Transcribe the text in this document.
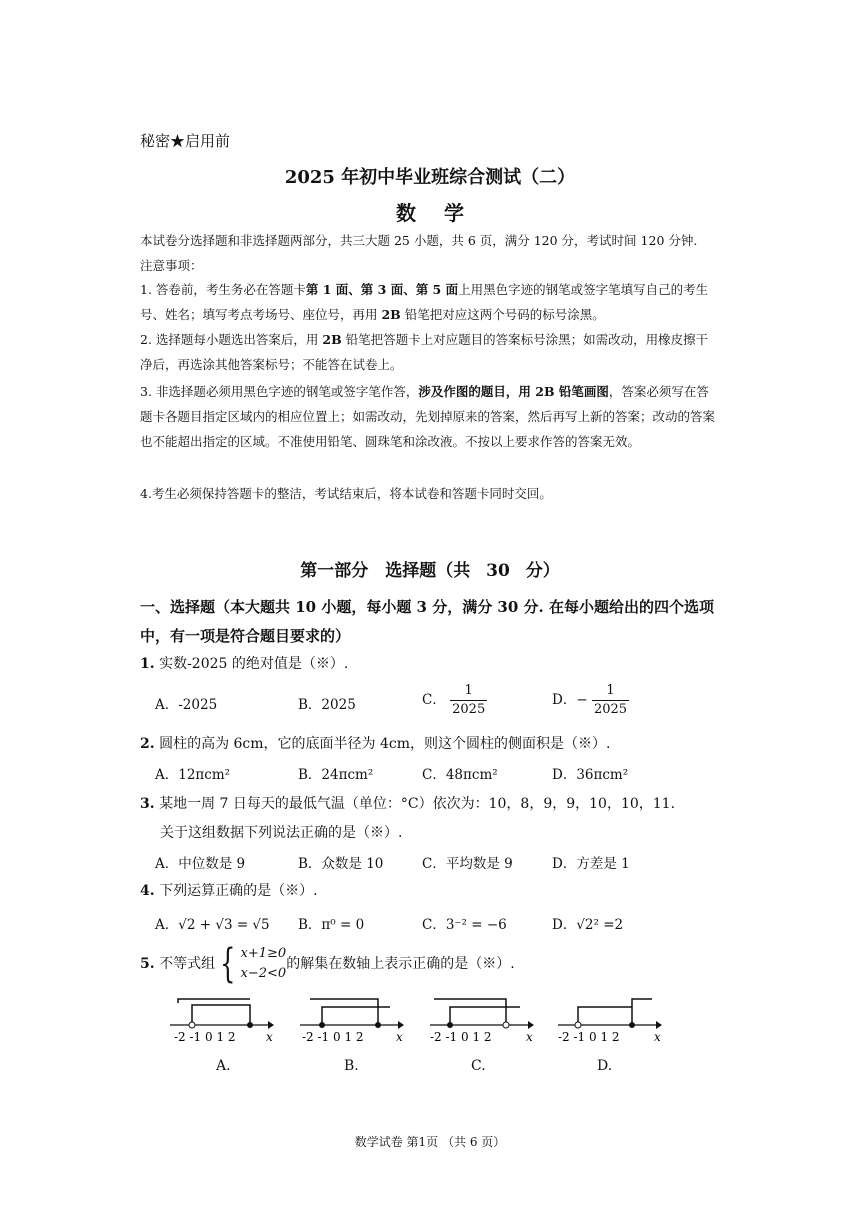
秘密★启用前
2025 年初中毕业班综合测试（二）
数学
本试卷分选择题和非选择题两部分，共三大题 25 小题，共 6 页，满分 120 分，考试时间 120 分钟.
注意事项：
1. 答卷前，考生务必在答题卡第 1 面、第 3 面、第 5 面上用黑色字迹的钢笔或签字笔填写自己的考生号、姓名；填写考点考场号、座位号，再用 2B 铅笔把对应这两个号码的标号涂黑。
2. 选择题每小题选出答案后，用 2B 铅笔把答题卡上对应题目的答案标号涂黑；如需改动，用橡皮擦干净后，再选涂其他答案标号；不能答在试卷上。
3. 非选择题必须用黑色字迹的钢笔或签字笔作答，涉及作图的题目，用 2B 铅笔画图，答案必须写在答题卡各题目指定区域内的相应位置上；如需改动，先划掉原来的答案，然后再写上新的答案；改动的答案也不能超出指定的区域。不准使用铅笔、圆珠笔和涂改液。不按以上要求作答的答案无效。
4.考生必须保持答题卡的整洁，考试结束后，将本试卷和答题卡同时交回。
第一部分　选择题（共 30 分）
一、选择题（本大题共 10 小题，每小题 3 分，满分 30 分. 在每小题给出的四个选项中，有一项是符合题目要求的）
1. 实数-2025 的绝对值是（※）.
A．-2025	B．2025	C． $\frac{1}{2025}$	D．− $\frac{1}{2025}$
2. 圆柱的高为 6cm，它的底面半径为 4cm，则这个圆柱的侧面积是（※）.
A．12πcm²	B．24πcm²	C．48πcm²	D．36πcm²
3. 某地一周 7 日每天的最低气温（单位：°C）依次为：10，8，9，9，10，10，11.
关于这组数据下列说法正确的是（※）.
A．中位数是 9	B．众数是 10	C．平均数是 9	D．方差是 1
4. 下列运算正确的是（※）.
A．√2 + √3 = √5 B．π⁰ = 0	C．3⁻² = −6	D．√2² =2
5. 不等式组 { x+1≥0
x−2<0
的解集在数轴上表示正确的是（※）.
-2 -1 0 1 2	x -2 -1 0 1 2	x -2 -1 0 1 2	x -2 -1 0 1 2	x
A.	B.	C.	D.
数学试卷 第1页 （共 6 页）
